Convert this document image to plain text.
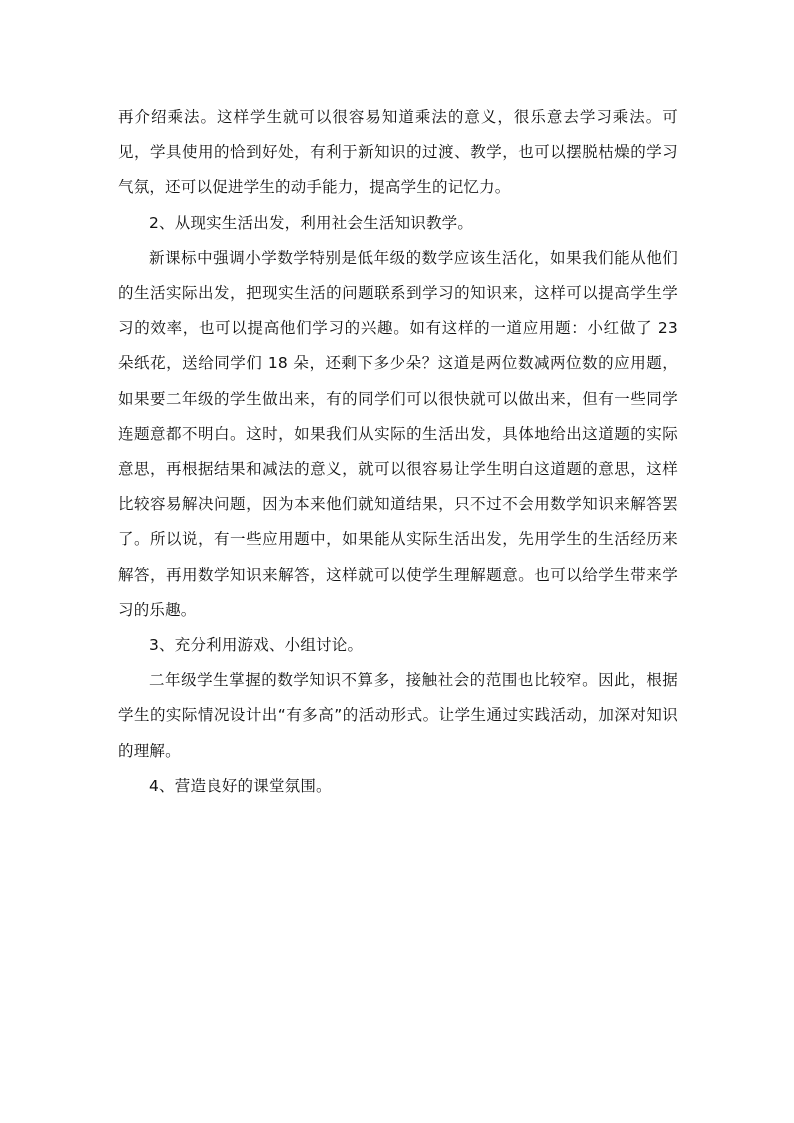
再介绍乘法。这样学生就可以很容易知道乘法的意义，很乐意去学习乘法。可见，学具使用的恰到好处，有利于新知识的过渡、教学，也可以摆脱枯燥的学习气氛，还可以促进学生的动手能力，提高学生的记忆力。

2、从现实生活出发，利用社会生活知识教学。

新课标中强调小学数学特别是低年级的数学应该生活化，如果我们能从他们的生活实际出发，把现实生活的问题联系到学习的知识来，这样可以提高学生学习的效率，也可以提高他们学习的兴趣。如有这样的一道应用题：小红做了 23 朵纸花，送给同学们 18 朵，还剩下多少朵？这道是两位数减两位数的应用题，如果要二年级的学生做出来，有的同学们可以很快就可以做出来，但有一些同学连题意都不明白。这时，如果我们从实际的生活出发，具体地给出这道题的实际意思，再根据结果和减法的意义，就可以很容易让学生明白这道题的意思，这样比较容易解决问题，因为本来他们就知道结果，只不过不会用数学知识来解答罢了。所以说，有一些应用题中，如果能从实际生活出发，先用学生的生活经历来解答，再用数学知识来解答，这样就可以使学生理解题意。也可以给学生带来学习的乐趣。

3、充分利用游戏、小组讨论。

二年级学生掌握的数学知识不算多，接触社会的范围也比较窄。因此，根据学生的实际情况设计出“有多高”的活动形式。让学生通过实践活动，加深对知识的理解。

4、营造良好的课堂氛围。
